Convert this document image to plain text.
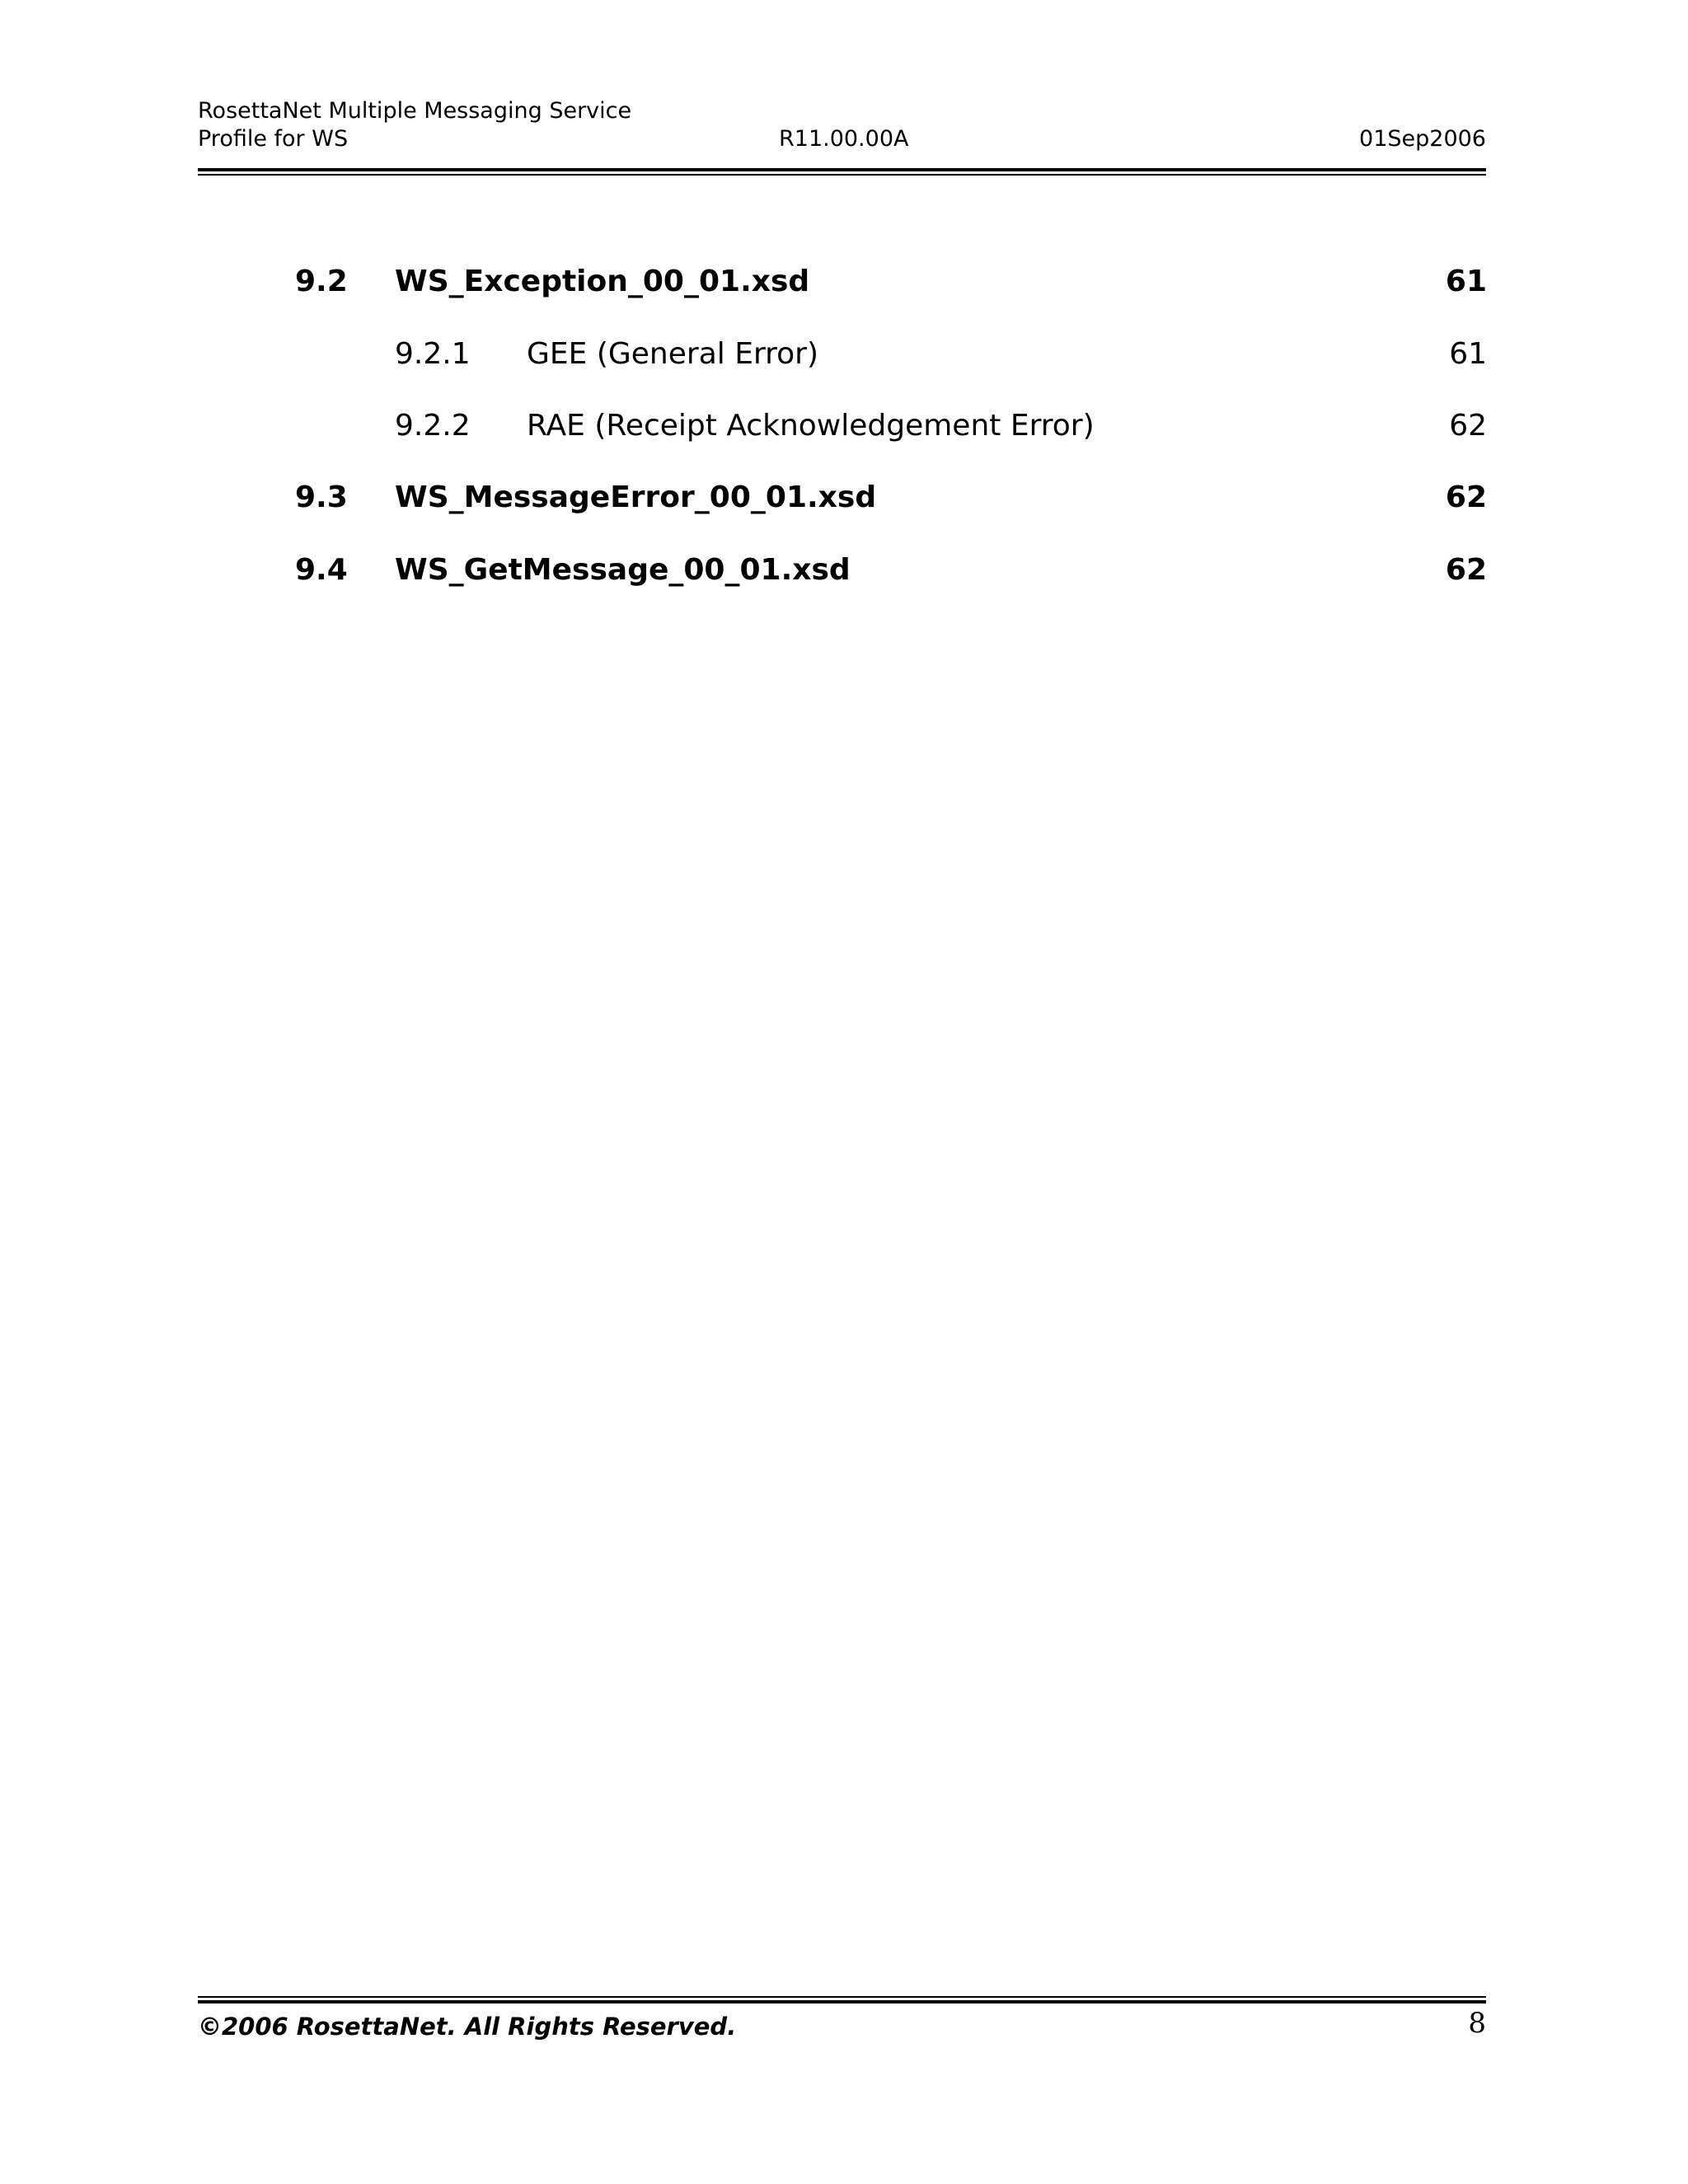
RosettaNet Multiple Messaging Service
Profile for WS	R11.00.00A	01Sep2006
9.2 WS_Exception_00_01.xsd	61
9.2.1 GEE (General Error)	61
9.2.2 RAE (Receipt Acknowledgement Error)	62
9.3 WS_MessageError_00_01.xsd	62
9.4 WS_GetMessage_00_01.xsd	62
©2006 RosettaNet. All Rights Reserved.	8
